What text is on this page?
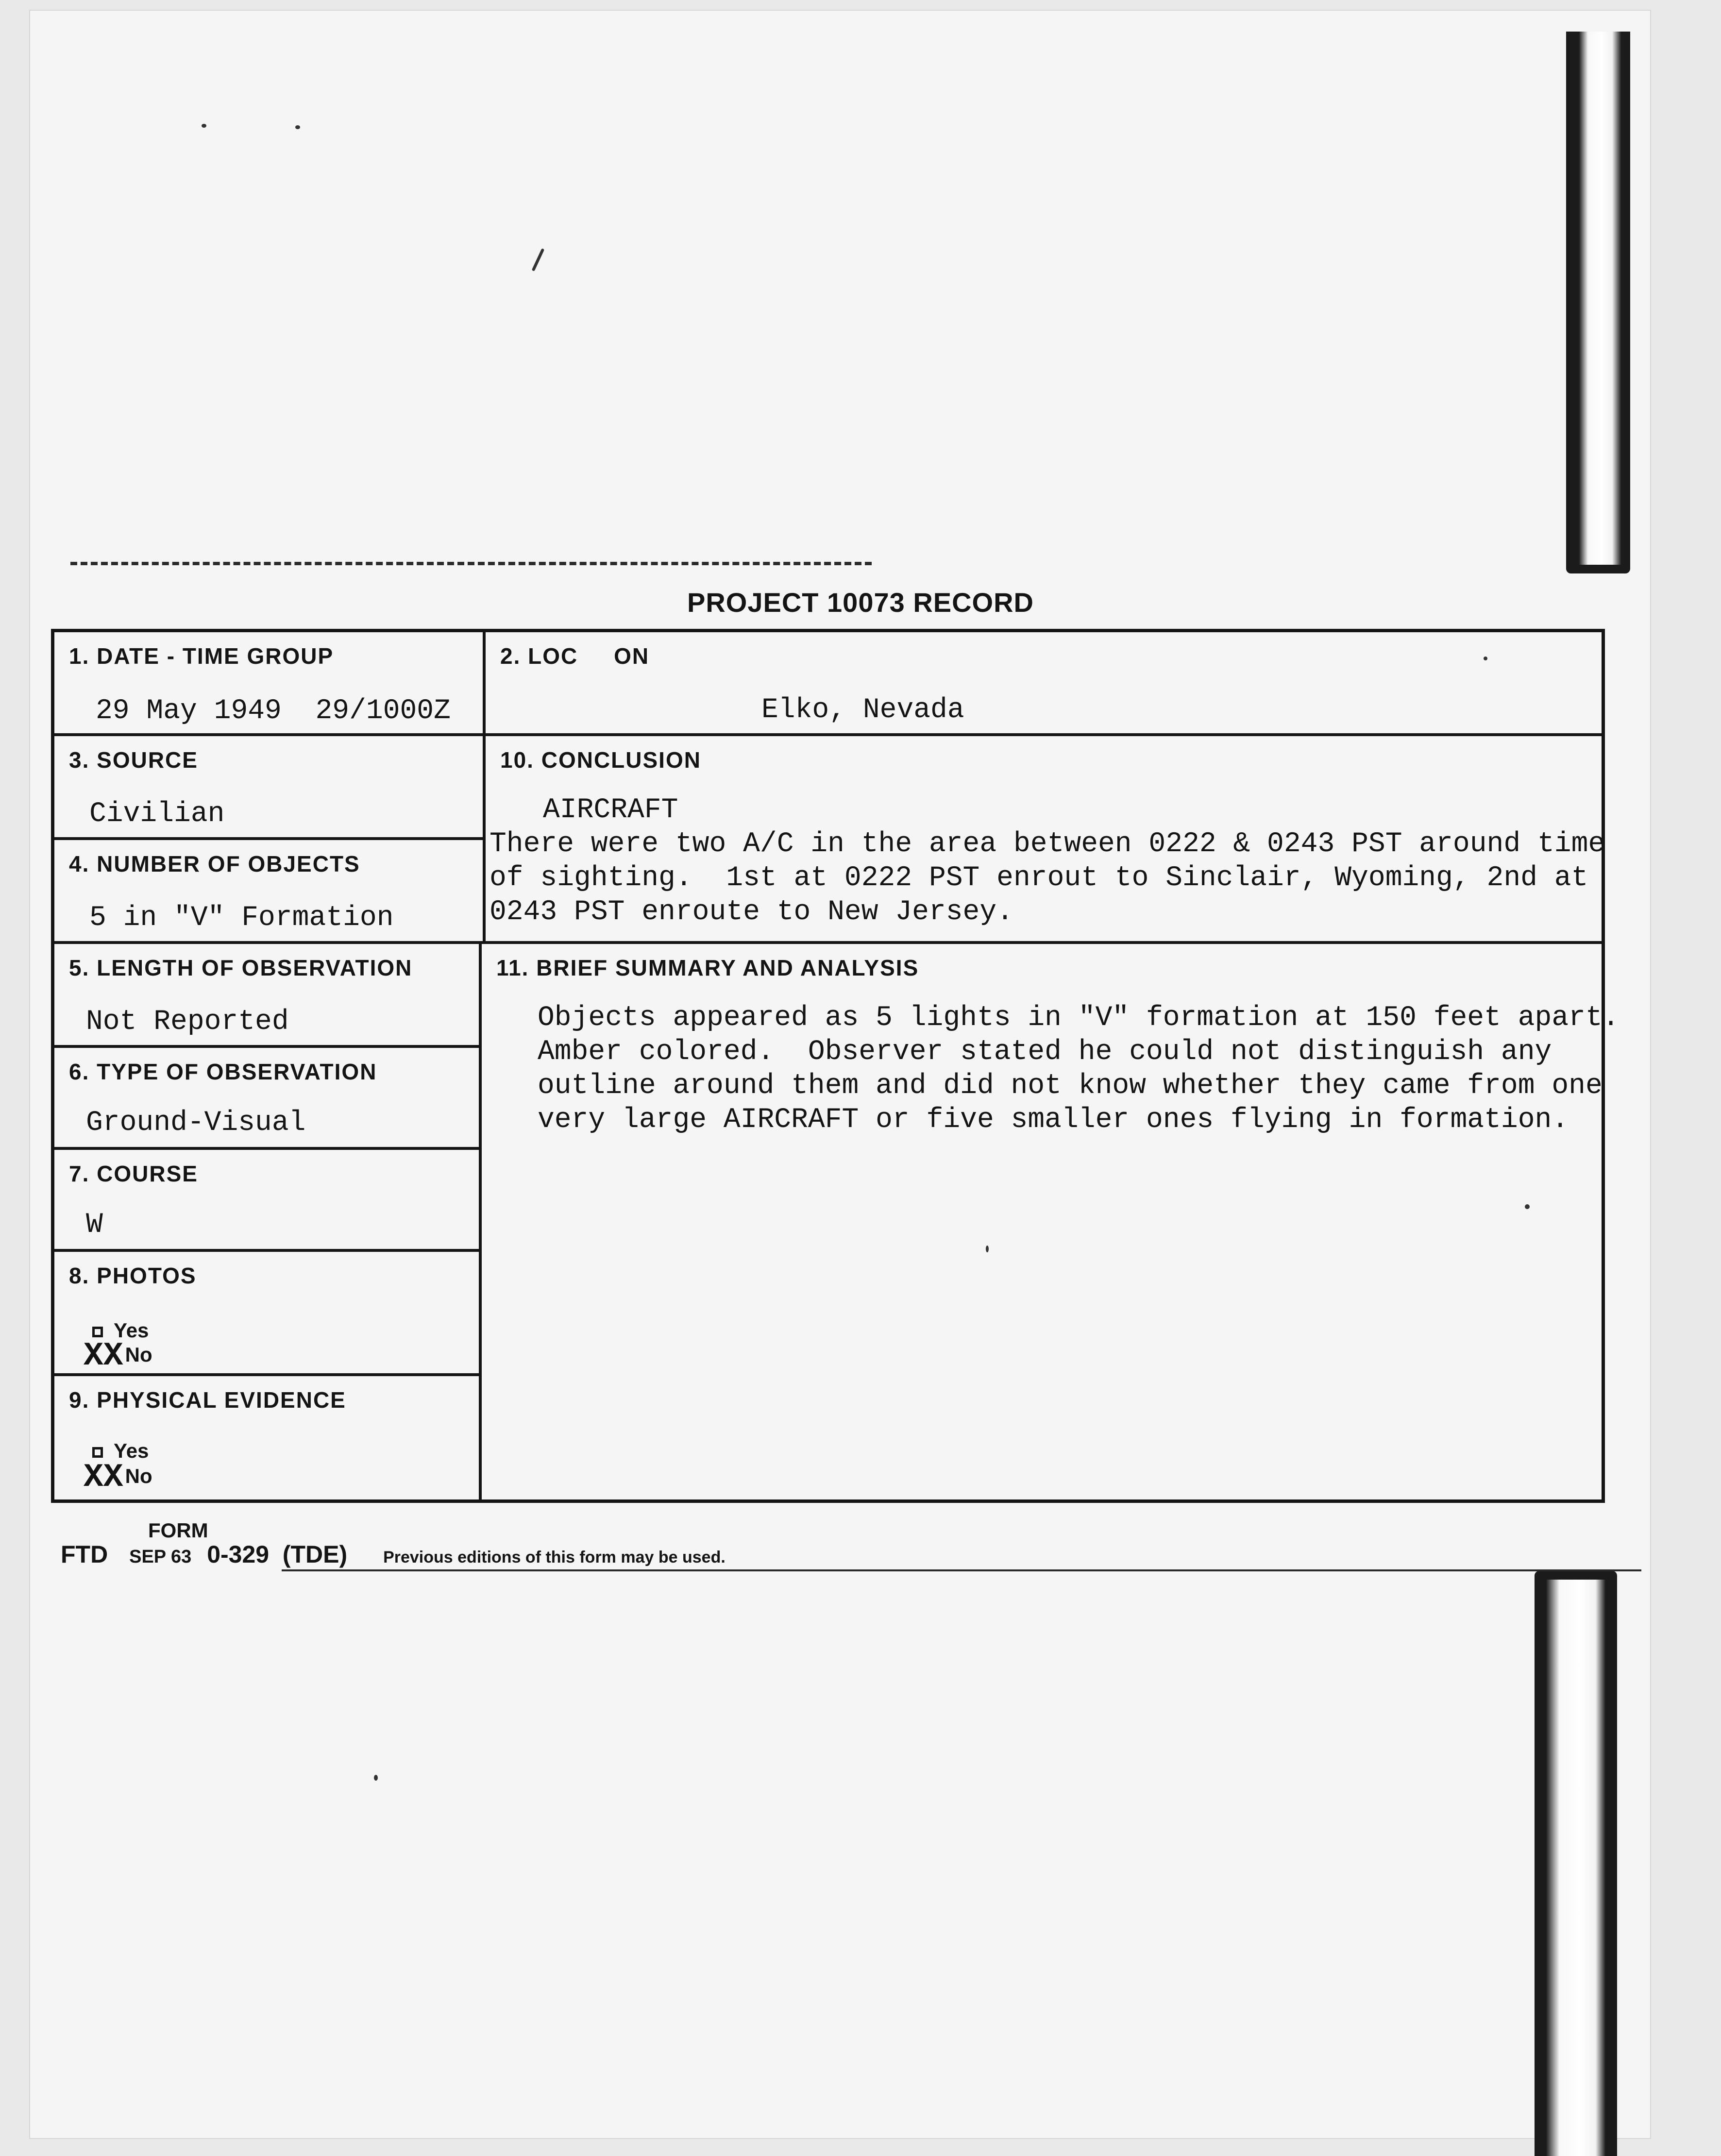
PROJECT 10073 RECORD
1. DATE - TIME GROUP
29 May 1949  29/1000Z
2. LOC     ON
Elko, Nevada
3. SOURCE
Civilian
10. CONCLUSION
AIRCRAFT
There were two A/C in the area between 0222 & 0243 PST around time
of sighting.  1st at 0222 PST enrout to Sinclair, Wyoming, 2nd at
0243 PST enroute to New Jersey.
4. NUMBER OF OBJECTS
5 in "V" Formation
5. LENGTH OF OBSERVATION
Not Reported
11. BRIEF SUMMARY AND ANALYSIS
Objects appeared as 5 lights in "V" formation at 150 feet apart.
Amber colored.  Observer stated he could not distinguish any
outline around them and did not know whether they came from one
very large AIRCRAFT or five smaller ones flying in formation.
6. TYPE OF OBSERVATION
Ground-Visual
7. COURSE
W
8. PHOTOS
Yes
XXNo
9. PHYSICAL EVIDENCE
Yes
XXNo
FORM
FTD SEP 63 0-329  (TDE) Previous editions of this form may be used.
